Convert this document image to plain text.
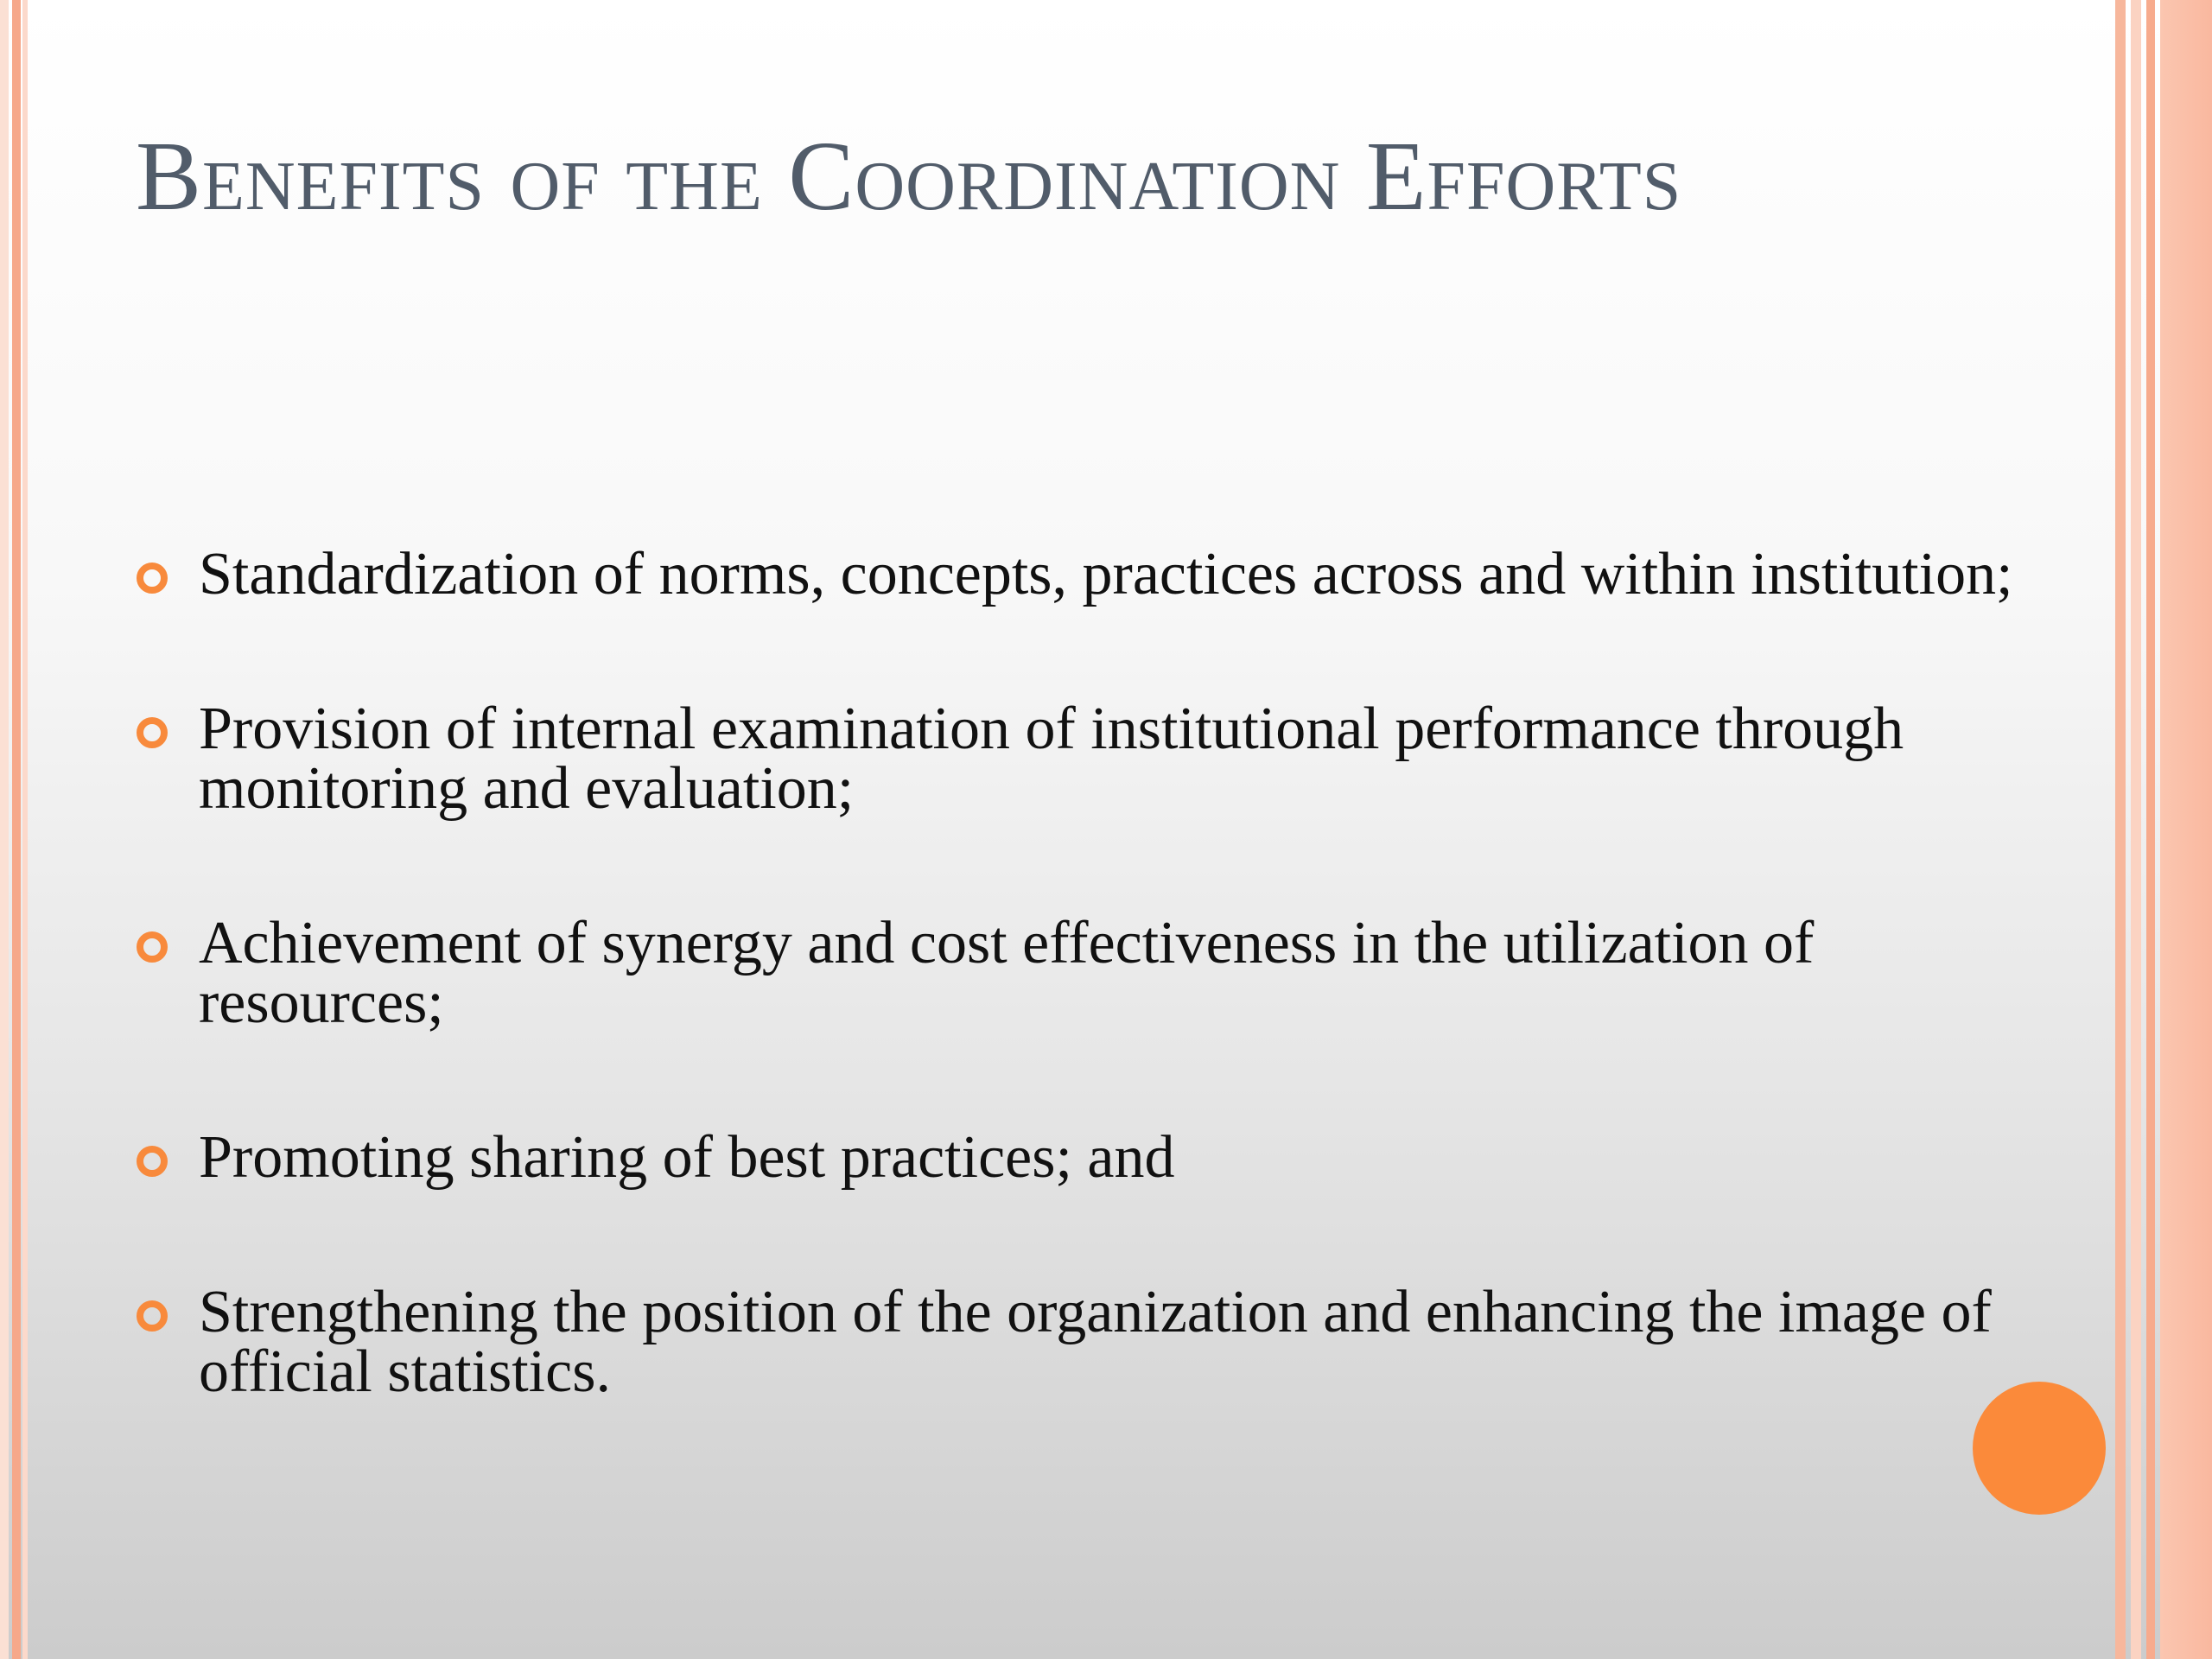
Benefits of the Coordination Efforts
Standardization of norms, concepts, practices across and within institution;
Provision of internal examination of institutional performance through monitoring and evaluation;
Achievement of synergy and cost effectiveness in the utilization of resources;
Promoting sharing of best practices; and
Strengthening the position of the organization and enhancing the image of official statistics.
